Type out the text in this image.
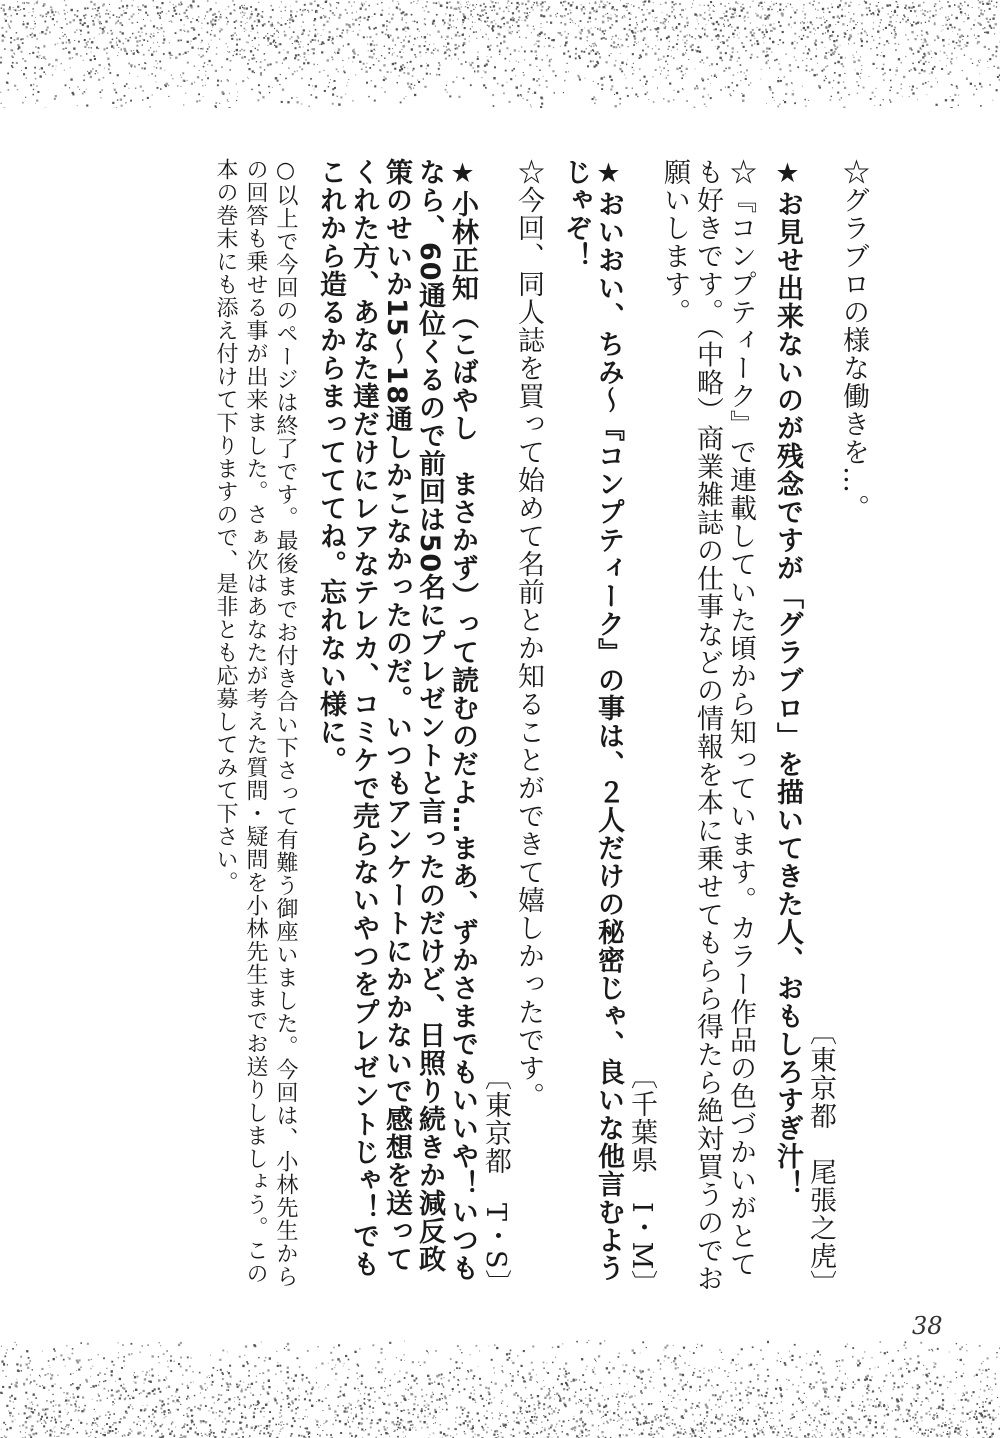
☆グラブロの様な働きを…。
〔東京都　尾張之虎〕

★お見せ出来ないのが残念ですが「グラブロ」を描いてきた人、おもしろすぎ汁！

☆『コンプティーク』で連載していた頃から知っています。カラー作品の色づかいがとても好きです。（中略）商業雑誌の仕事などの情報を本に乗せてもらら得たら絶対買うのでお願いします。
〔千葉県　I・M〕

★おいおい、ちみ～『コンプティーク』の事は、２人だけの秘密じゃ、良いな他言むようじゃぞ！

☆今回、同人誌を買って始めて名前とか知ることができて嬉しかったです。
〔東京都　T・S〕

★小林正知（こばやし　まさかず）って読むのだよ…まあ、ずかさまでもいいや！いつもなら、60通位くるので前回は50名にプレゼントと言ったのだけど、日照り続きか減反政策のせいか15～18通しかこなかったのだ。いつもアンケートにかかないで感想を送ってくれた方、あなた達だけにレアなテレカ、コミケで売らないやつをプレゼントじゃ！でもこれから造るからまってててね。忘れない様に。

○以上で今回のページは終了です。最後までお付き合い下さって有難う御座いました。今回は、小林先生からの回答も乗せる事が出来ました。さぁ次はあなたが考えた質問・疑問を小林先生までお送りしましょう。この本の巻末にも添え付けて下りますので、是非とも応募してみて下さい。

38
